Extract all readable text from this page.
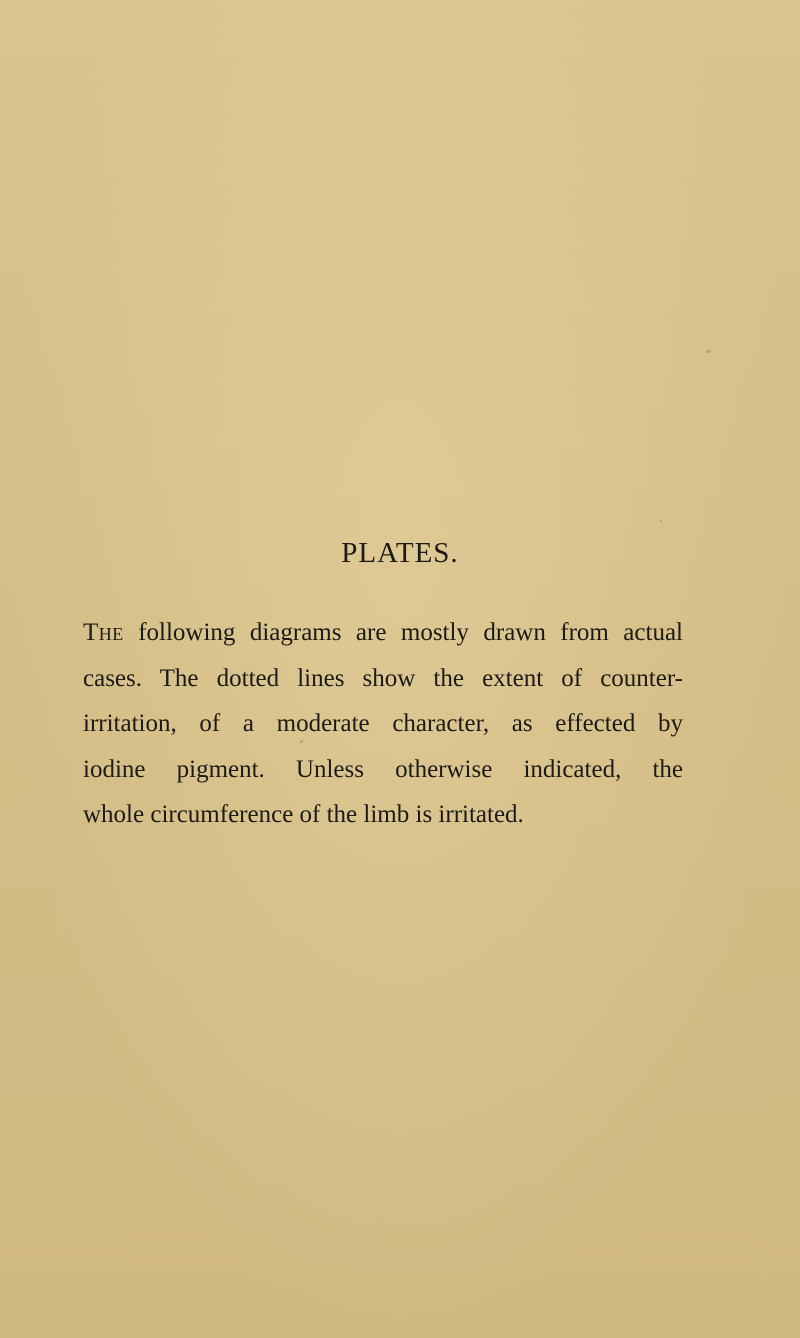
PLATES.

The following diagrams are mostly drawn from actual
cases. The dotted lines show the extent of counter-
irritation, of a moderate character, as effected by
iodine pigment. Unless otherwise indicated, the
whole circumference of the limb is irritated.
